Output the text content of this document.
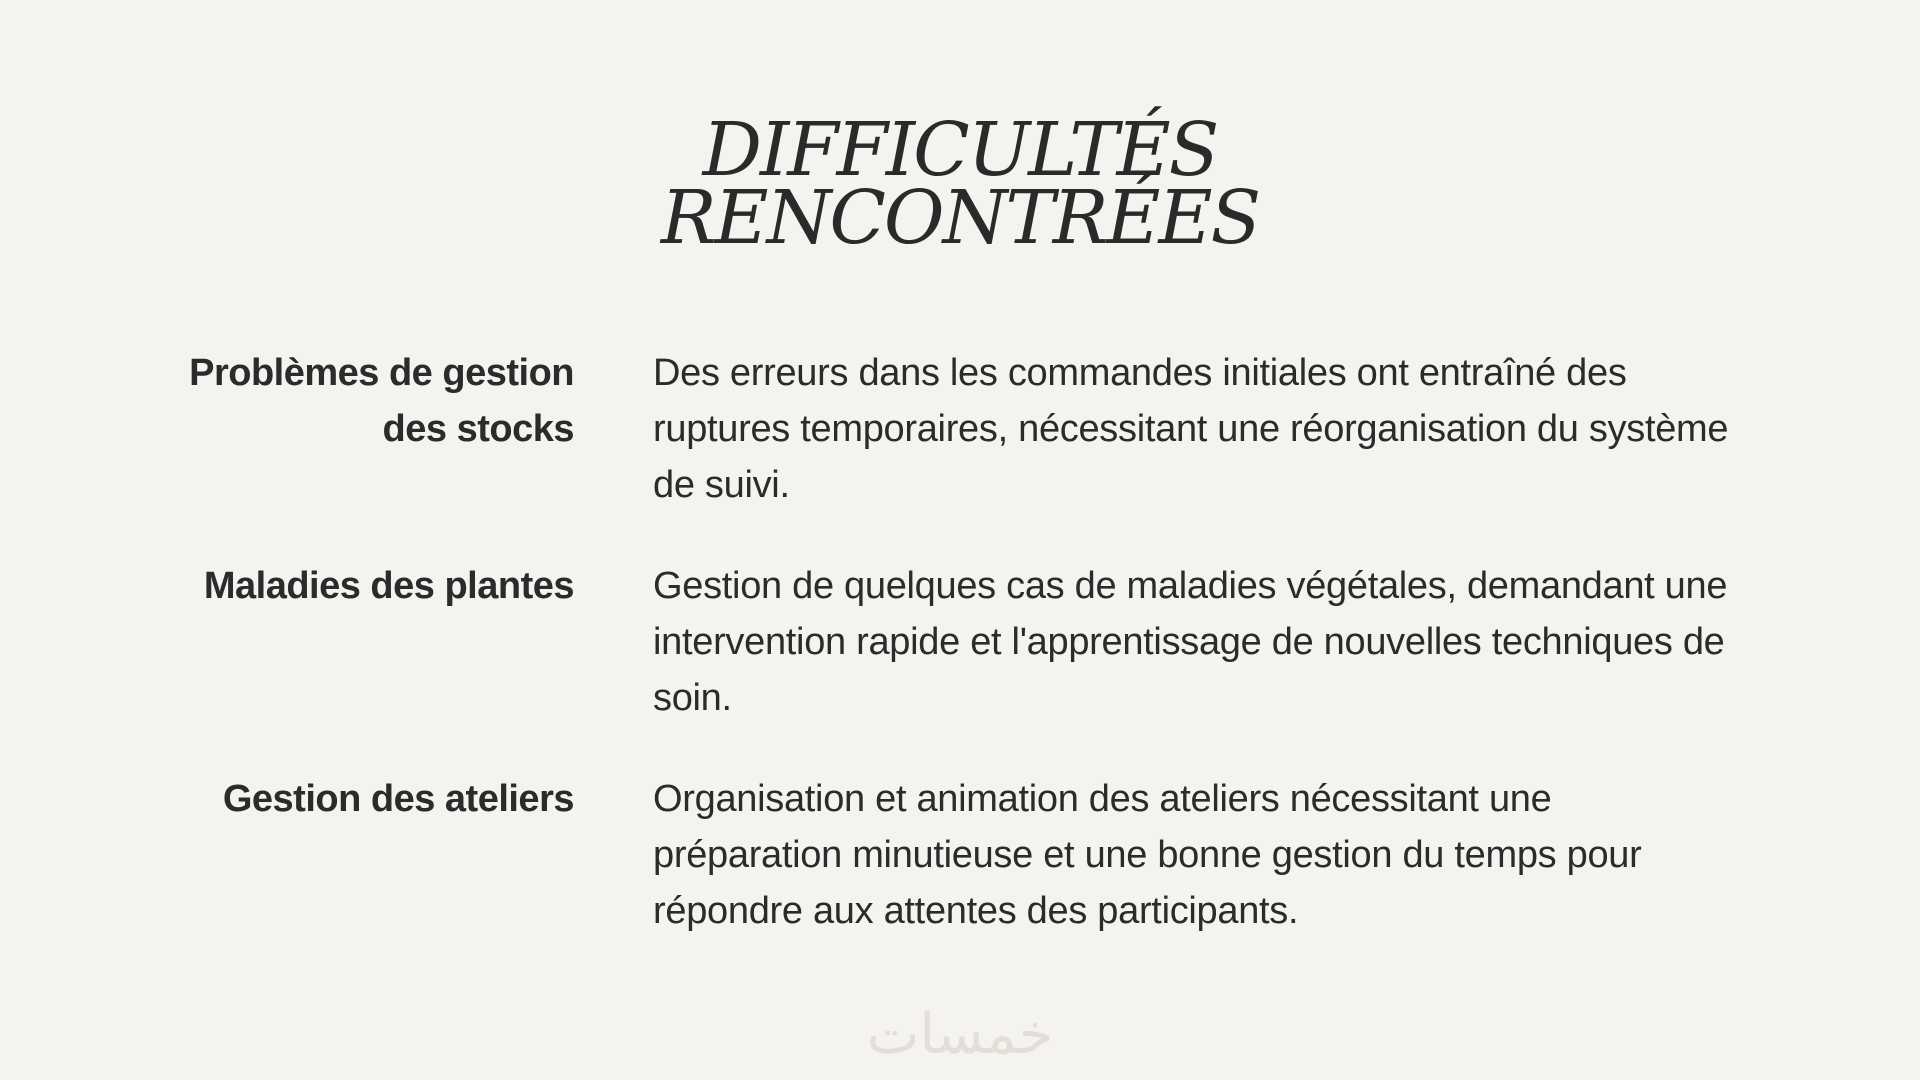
DIFFICULTÉS
RENCONTRÉES
Problèmes de gestion des stocks
Des erreurs dans les commandes initiales ont entraîné des ruptures temporaires, nécessitant une réorganisation du système de suivi.
Maladies des plantes Gestion de quelques cas de maladies végétales, demandant une intervention rapide et l'apprentissage de nouvelles techniques de soin.
Gestion des ateliers Organisation et animation des ateliers nécessitant une préparation minutieuse et une bonne gestion du temps pour répondre aux attentes des participants.
خمسات
